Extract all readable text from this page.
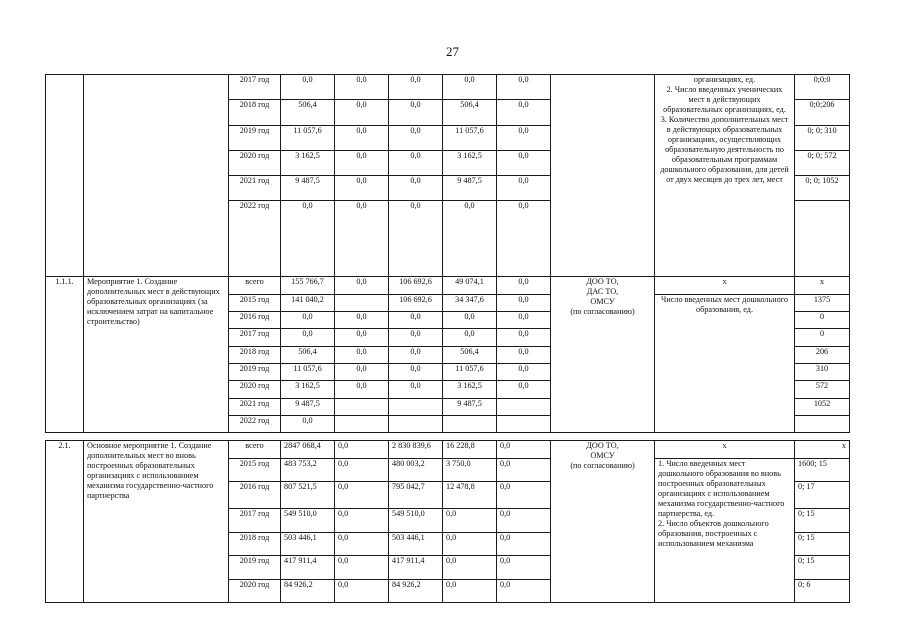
27
		2017 год	0,0	0,0	0,0	0,0	0,0		организациях, ед.
2. Число введенных ученических мест в действующих образовательных организациях, ед.
3. Количество дополнительных мест в действующих образовательных организациях, осуществляющих образовательную деятельность по образовательным программам дошкольного образования, для детей от двух месяцев до трех лет, мест	0;0;0
		2018 год	506,4	0,0	0,0	506,4	0,0			0;0;206
		2019 год	11 057,6	0,0	0,0	11 057,6	0,0			0; 0; 310
		2020 год	3 162,5	0,0	0,0	3 162,5	0,0			0; 0; 572
		2021 год	9 487,5	0,0	0,0	9 487,5	0,0			0; 0; 1052
		2022 год	0,0	0,0	0,0	0,0	0,0			
1.1.1.	Мероприятие 1. Создание дополнительных мест в действующих образовательных организациях (за исключением затрат на капитальное строительство)	всего	155 766,7	0,0	106 692,6	49 074,1	0,0	ДОО ТО,
ДАС ТО,
ОМСУ
(по согласованию)	х	х
		2015 год	141 040,2		106 692,6	34 347,6	0,0		Число введенных мест дошкольного образования, ед.	1375
		2016 год	0,0	0,0	0,0	0,0	0,0			0
		2017 год	0,0	0,0	0,0	0,0	0,0			0
		2018 год	506,4	0,0	0,0	506,4	0,0			206
		2019 год	11 057,6	0,0	0,0	11 057,6	0,0			310
		2020 год	3 162,5	0,0	0,0	3 162,5	0,0			572
		2021 год	9 487,5			9 487,5				1052
		2022 год	0,0							
2.1.	Основное мероприятие 1. Создание дополнительных мест во вновь построенных образовательных организациях с использованием механизма государственно-частного партнерства	всего	2847 068,4	0,0	2 830 839,6	16 228,8	0,0	ДОО ТО,
ОМСУ
(по согласованию)	х	х
		2015 год	483 753,2	0,0	480 003,2	3 750,0	0,0		1. Число введенных мест дошкольного образования во вновь построенных образовательных организациях с использованием механизма государственно-частного партнерства, ед.
2. Число объектов дошкольного образования, построенных с использованием механизма	1600; 15
		2016 год	807 521,5	0,0	795 042,7	12 478,8	0,0			0; 17
		2017 год	549 510,0	0,0	549 510,0	0,0	0,0			0; 15
		2018 год	503 446,1	0,0	503 446,1	0,0	0,0			0; 15
		2019 год	417 911,4	0,0	417 911,4	0,0	0,0			0; 15
		2020 год	84 926,2	0,0	84 926,2	0,0	0,0			0; 6
